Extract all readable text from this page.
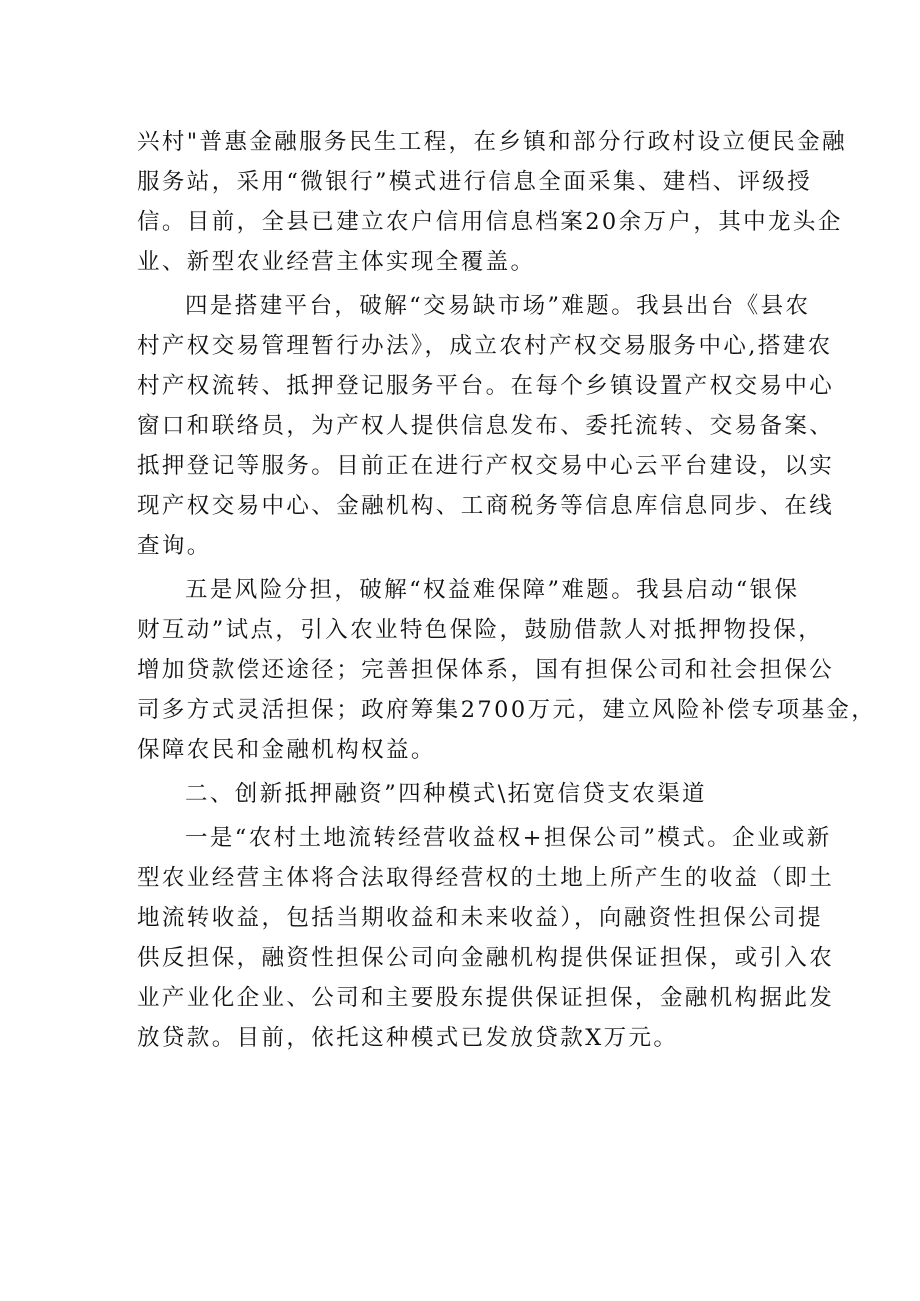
兴村"普惠金融服务民生工程，在乡镇和部分行政村设立便民金融
服务站，采用“微银行”模式进行信息全面采集、建档、评级授
信。目前，全县已建立农户信用信息档案20余万户，其中龙头企
业、新型农业经营主体实现全覆盖。
四是搭建平台，破解“交易缺市场”难题。我县出台《县农
村产权交易管理暂行办法》，成立农村产权交易服务中心,搭建农
村产权流转、抵押登记服务平台。在每个乡镇设置产权交易中心
窗口和联络员，为产权人提供信息发布、委托流转、交易备案、
抵押登记等服务。目前正在进行产权交易中心云平台建设，以实
现产权交易中心、金融机构、工商税务等信息库信息同步、在线
查询。
五是风险分担，破解“权益难保障”难题。我县启动“银保
财互动”试点，引入农业特色保险，鼓励借款人对抵押物投保，
增加贷款偿还途径；完善担保体系，国有担保公司和社会担保公
司多方式灵活担保；政府筹集2700万元，建立风险补偿专项基金，
保障农民和金融机构权益。
二、创新抵押融资”四种模式\拓宽信贷支农渠道
一是“农村土地流转经营收益权+担保公司”模式。企业或新
型农业经营主体将合法取得经营权的土地上所产生的收益（即土
地流转收益，包括当期收益和未来收益），向融资性担保公司提
供反担保，融资性担保公司向金融机构提供保证担保，或引入农
业产业化企业、公司和主要股东提供保证担保，金融机构据此发
放贷款。目前，依托这种模式已发放贷款X万元。
